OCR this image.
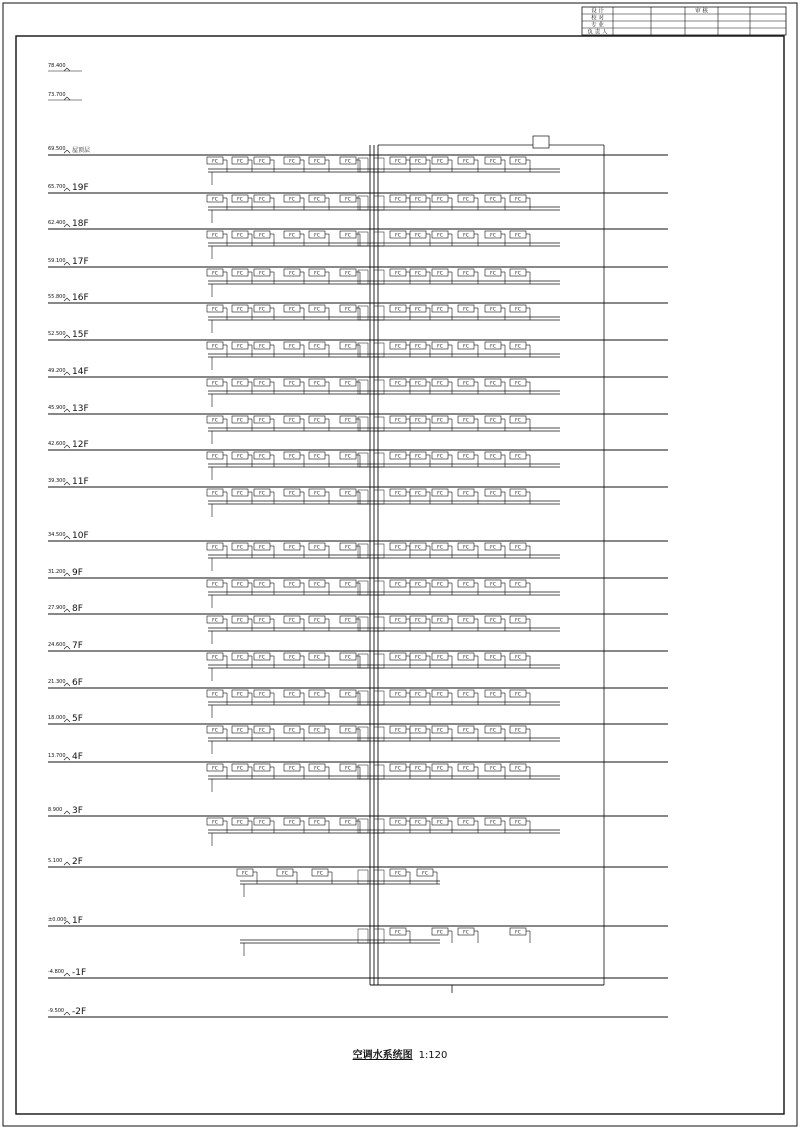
设 计	审 核
校 对
专 业
负 责 人
78.400
73.700
69.500 屋顶层
FC	FC	FC	FC	FC	FC	FC	FC	FC	FC	FC	FC
65.700 19F
FC	FC	FC	FC	FC	FC	FC	FC	FC	FC	FC	FC
62.400 18F
FC	FC	FC	FC	FC	FC	FC	FC	FC	FC	FC	FC
59.100 17F
FC	FC	FC	FC	FC	FC	FC	FC	FC	FC	FC	FC
55.800 16F
FC	FC	FC	FC	FC	FC	FC	FC	FC	FC	FC	FC
52.500 15F
FC	FC	FC	FC	FC	FC	FC	FC	FC	FC	FC	FC
49.200 14F
FC	FC	FC	FC	FC	FC	FC	FC	FC	FC	FC	FC
45.900 13F
FC	FC	FC	FC	FC	FC	FC	FC	FC	FC	FC	FC
42.600 12F
FC	FC	FC	FC	FC	FC	FC	FC	FC	FC	FC	FC
39.300 11F
FC	FC	FC	FC	FC	FC	FC	FC	FC	FC	FC	FC
34.500 10F
FC	FC	FC	FC	FC	FC	FC	FC	FC	FC	FC	FC
31.200 9F
FC	FC	FC	FC	FC	FC	FC	FC	FC	FC	FC	FC
27.900 8F
FC	FC	FC	FC	FC	FC	FC	FC	FC	FC	FC	FC
24.600 7F
FC	FC	FC	FC	FC	FC	FC	FC	FC	FC	FC	FC
21.300 6F
FC	FC	FC	FC	FC	FC	FC	FC	FC	FC	FC	FC
18.000 5F
FC	FC	FC	FC	FC	FC	FC	FC	FC	FC	FC	FC
13.700 4F
FC	FC	FC	FC	FC	FC	FC	FC	FC	FC	FC	FC
8.900 3F
FC	FC	FC	FC	FC	FC	FC	FC	FC	FC	FC	FC
5.100 2F
FC	FC	FC	FC	FC
±0.000 1F
FC	FC	FC	FC
-4.800 -1F
-9.500 -2F
空调水系统图 1:120
